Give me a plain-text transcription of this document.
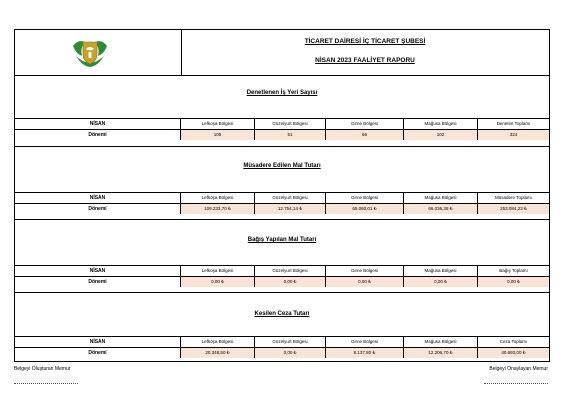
TİCARET DAİRESİ İÇ TİCARET ŞUBESİ
NİSAN 2023 FAALİYET RAPORU
Denetlenen İş Yeri Sayısı
NİSAN	Lefkoşa Bölgesi	Güzelyurt Bölgesi	Girne Bölgesi	Mağusa Bölgesi	Denetim Toplamı
Dönemi	105	51	66	102	324
Müsadere Edilen Mal Tutarı
NİSAN	Lefkoşa Bölgesi	Güzelyurt Bölgesi	Girne Bölgesi	Mağusa Bölgesi	Müsadere Toplamı
Dönemi	109.233,70 ₺	12.754,14 ₺	65.060,01 ₺	66.036,38 ₺	253.084,23 ₺
Bağış Yapılan Mal Tutarı
NİSAN	Lefkoşa Bölgesi	Güzelyurt Bölgesi	Girne Bölgesi	Mağusa Bölgesi	Bağış Toplamı
Dönemi	0,00 ₺	0,00 ₺	0,00 ₺	0,00 ₺	0,00 ₺
Kesilen Ceza Tutarı
NİSAN	Lefkoşa Bölgesi	Güzelyurt Bölgesi	Girne Bölgesi	Mağusa Bölgesi	Ceza Toplamı
Dönemi	20.348,50 ₺	0,00 ₺	8.137,80 ₺	12.206,70 ₺	40.693,00 ₺
Belgeyi Oluşturan Memur	Belgeyi Onaylayan Memur
